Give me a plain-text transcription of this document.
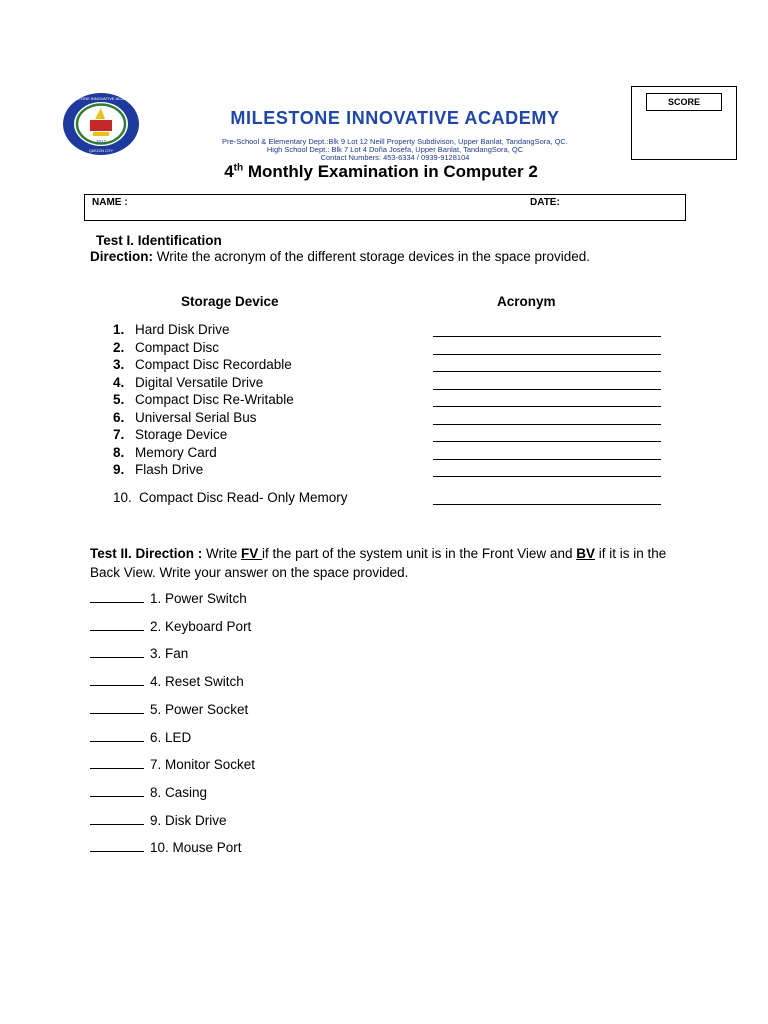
2012
MILESTONE INNOVATIVE ACADEMY
QUEZON CITY
MILESTONE INNOVATIVE ACADEMY
Pre-School & Elementary Dept.:Blk 9 Lot 12 Neill Property Subdivison, Upper Banlat, TandangSora, QC.
High School Dept.: Blk 7 Lot 4 Doña Josefa, Upper Banlat, TandangSora, QC
Contact Numbers: 453-6334 / 0939-9128104
SCORE
4th Monthly Examination in Computer 2
NAME :	DATE:
Test I. Identification
Direction: Write the acronym of the different storage devices in the space provided.
Storage Device	Acronym
1. Hard Disk Drive
2. Compact Disc
3. Compact Disc Recordable
4. Digital Versatile Drive
5. Compact Disc Re-Writable
6. Universal Serial Bus
7. Storage Device
8. Memory Card
9. Flash Drive
10. Compact Disc Read- Only Memory
Test II. Direction : Write FV if the part of the system unit is in the Front View and BV if it is in the Back View. Write your answer on the space provided.
1. Power Switch
2. Keyboard Port
3. Fan
4. Reset Switch
5. Power Socket
6. LED
7. Monitor Socket
8. Casing
9. Disk Drive
10. Mouse Port
